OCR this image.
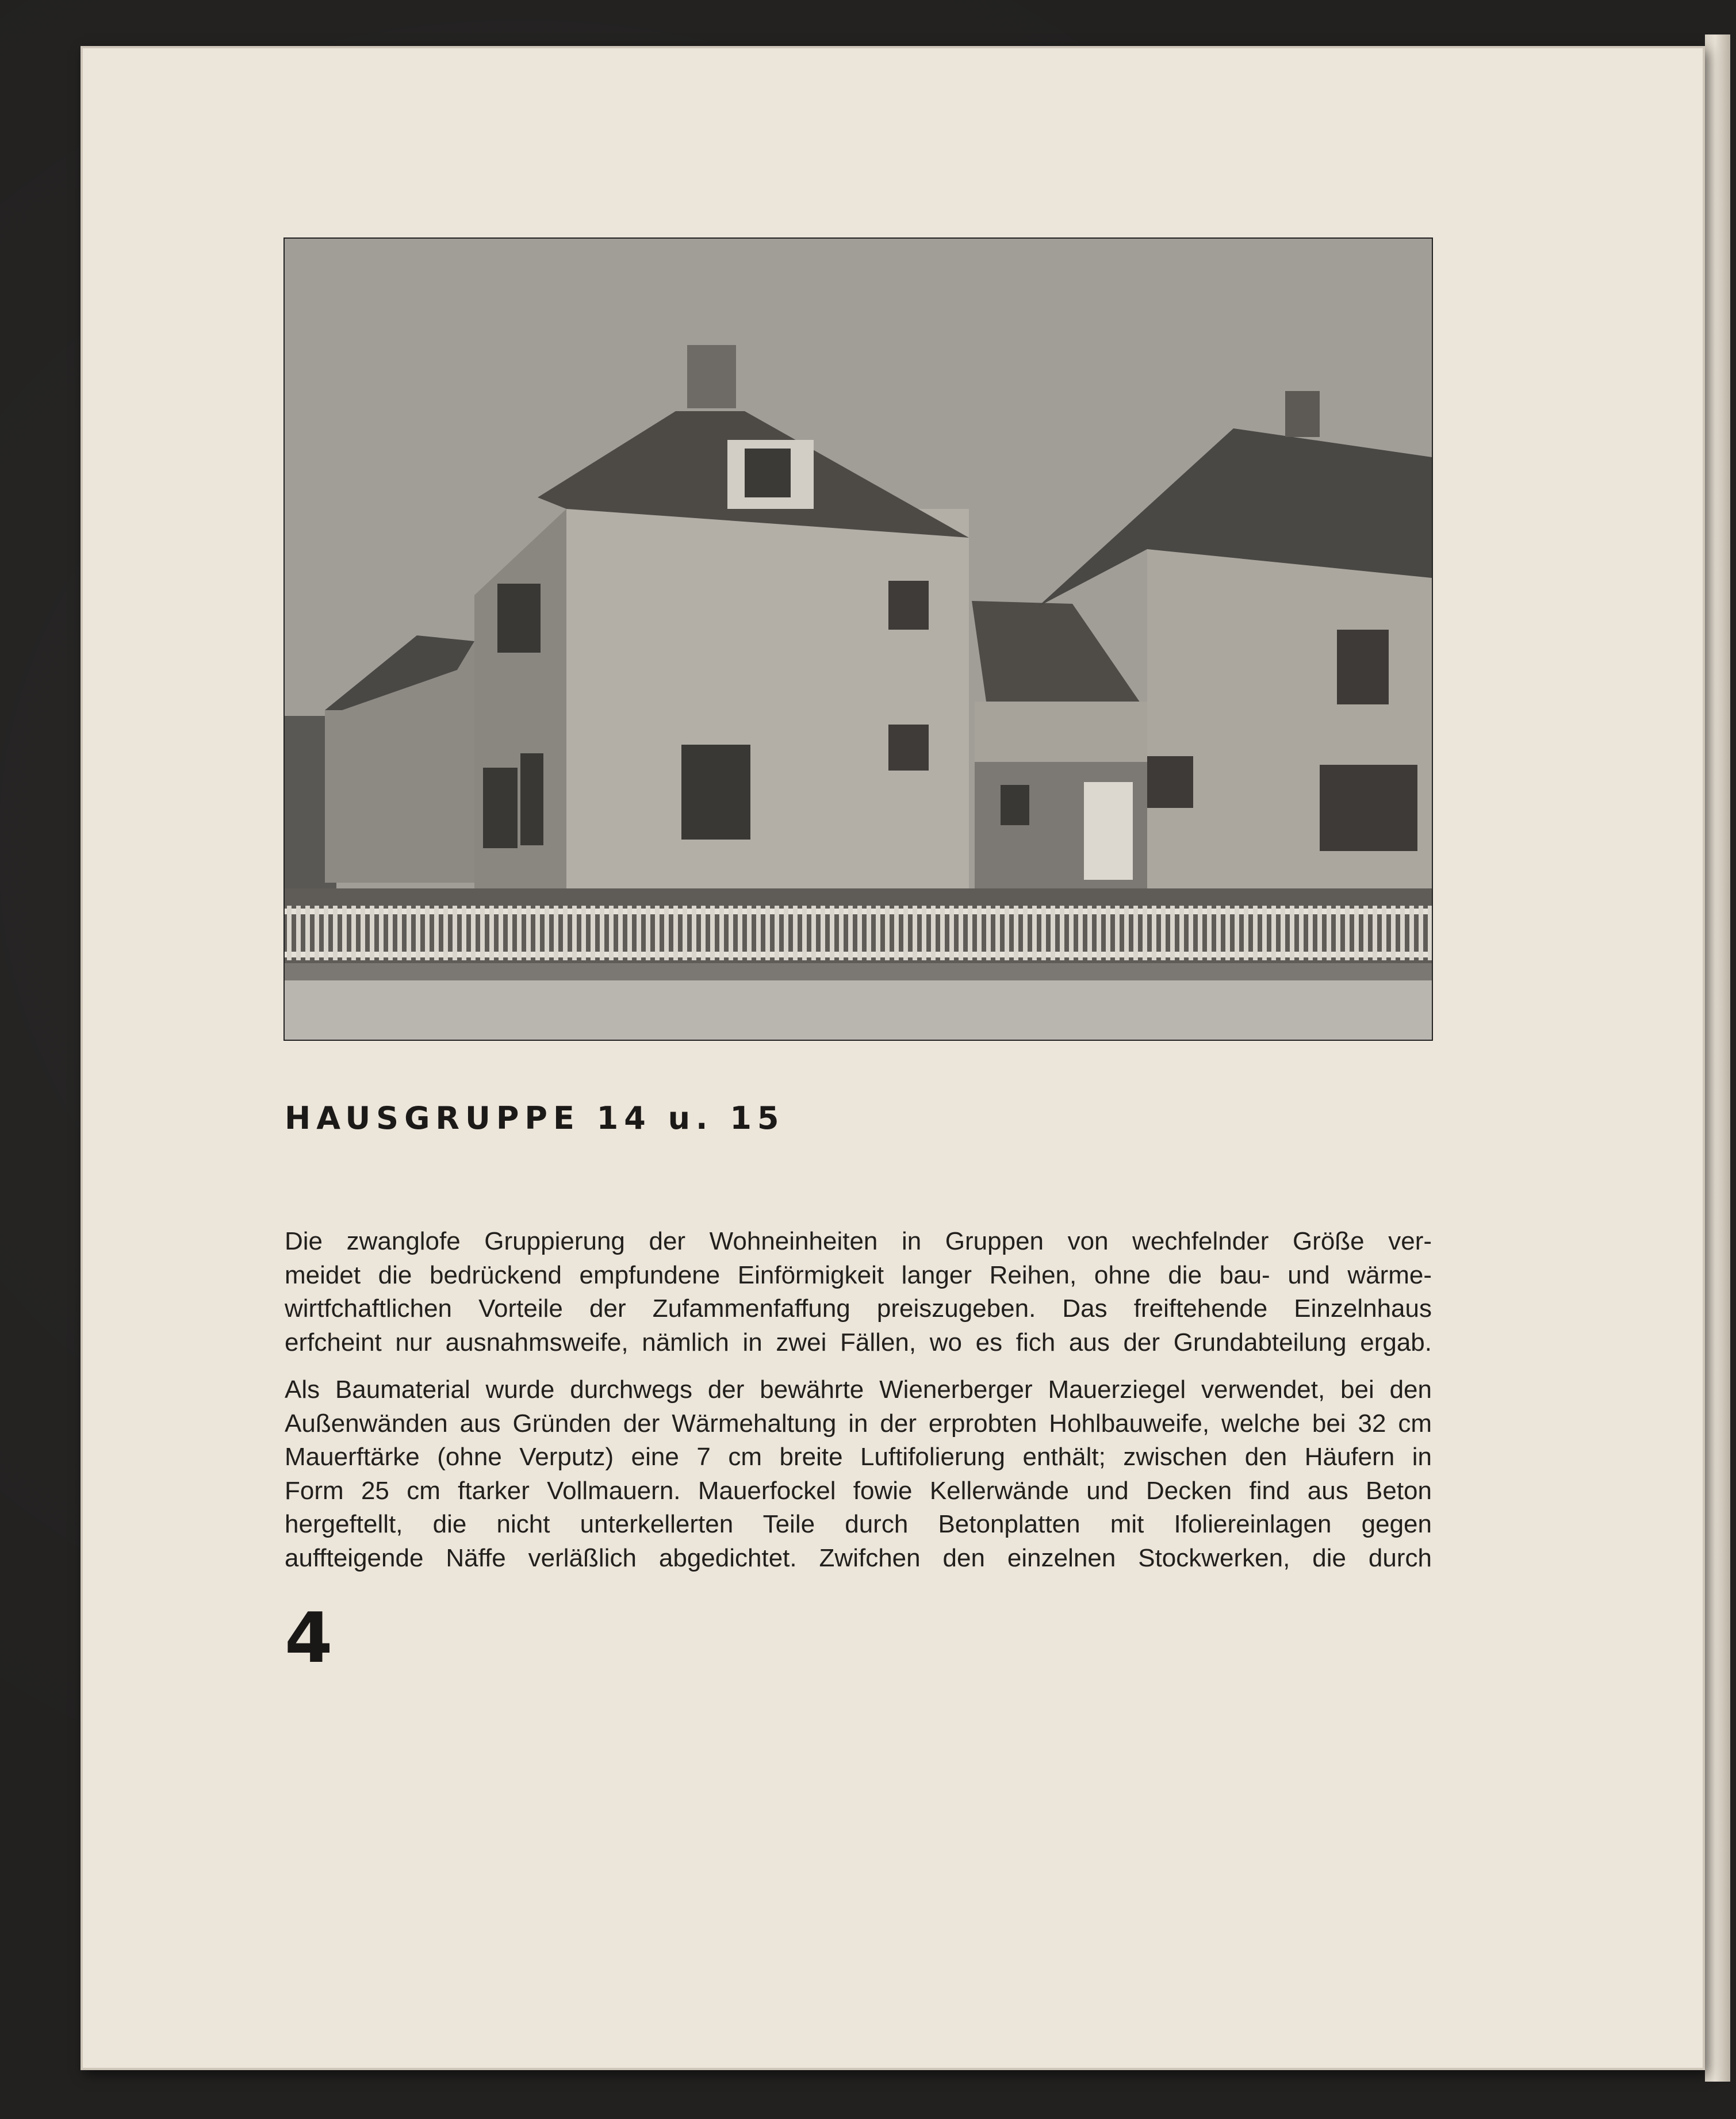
HAUSGRUPPE 14 u. 15

Die zwanglofe Gruppierung der Wohneinheiten in Gruppen von wechfelnder Größe ver-
meidet die bedrückend empfundene Einförmigkeit langer Reihen, ohne die bau- und wärme-
wirtfchaftlichen Vorteile der Zufammenfaffung preiszugeben. Das freiftehende Einzelnhaus
erfcheint nur ausnahmsweife, nämlich in zwei Fällen, wo es fich aus der Grundabteilung ergab.

Als Baumaterial wurde durchwegs der bewährte Wienerberger Mauerziegel verwendet, bei den
Außenwänden aus Gründen der Wärmehaltung in der erprobten Hohlbauweife, welche bei 32 cm
Mauerftärke (ohne Verputz) eine 7 cm breite Luftifolierung enthält; zwischen den Häufern in
Form 25 cm ftarker Vollmauern. Mauerfockel fowie Kellerwände und Decken find aus Beton
hergeftellt, die nicht unterkellerten Teile durch Betonplatten mit Ifoliereinlagen gegen
auffteigende Näffe verläßlich abgedichtet. Zwifchen den einzelnen Stockwerken, die durch

4
